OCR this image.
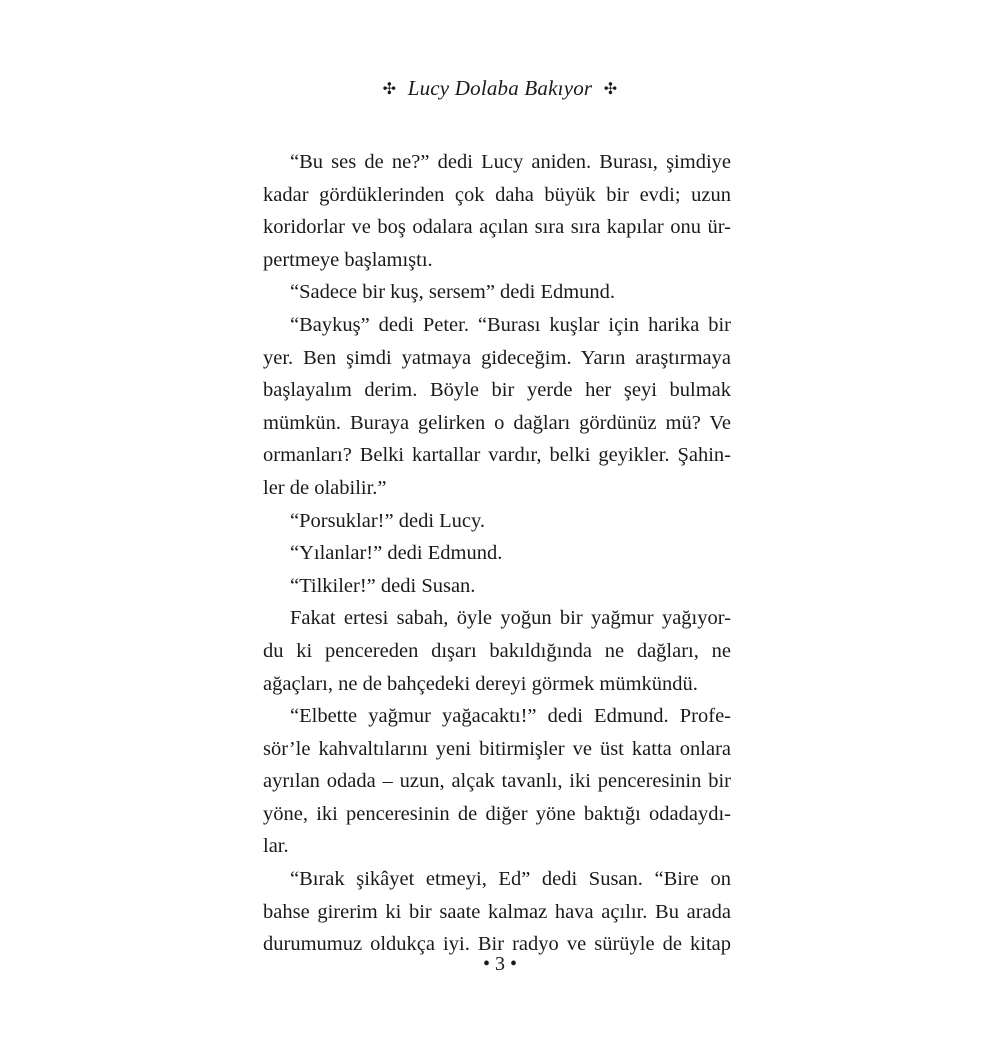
✣ Lucy Dolaba Bakıyor ✣
“Bu ses de ne?” dedi Lucy aniden. Burası, şimdiye
kadar gördüklerinden çok daha büyük bir evdi; uzun
koridorlar ve boş odalara açılan sıra sıra kapılar onu ür-
pertmeye başlamıştı.
“Sadece bir kuş, sersem” dedi Edmund.
“Baykuş” dedi Peter. “Burası kuşlar için harika bir
yer. Ben şimdi yatmaya gideceğim. Yarın araştırmaya
başlayalım derim. Böyle bir yerde her şeyi bulmak
mümkün. Buraya gelirken o dağları gördünüz mü? Ve
ormanları? Belki kartallar vardır, belki geyikler. Şahin-
ler de olabilir.”
“Porsuklar!” dedi Lucy.
“Yılanlar!” dedi Edmund.
“Tilkiler!” dedi Susan.
Fakat ertesi sabah, öyle yoğun bir yağmur yağıyor-
du ki pencereden dışarı bakıldığında ne dağları, ne
ağaçları, ne de bahçedeki dereyi görmek mümkündü.
“Elbette yağmur yağacaktı!” dedi Edmund. Profe-
sör’le kahvaltılarını yeni bitirmişler ve üst katta onlara
ayrılan odada – uzun, alçak tavanlı, iki penceresinin bir
yöne, iki penceresinin de diğer yöne baktığı odadaydı-
lar.
“Bırak şikâyet etmeyi, Ed” dedi Susan. “Bire on
bahse girerim ki bir saate kalmaz hava açılır. Bu arada
durumumuz oldukça iyi. Bir radyo ve sürüyle de kitap
• 3 •
